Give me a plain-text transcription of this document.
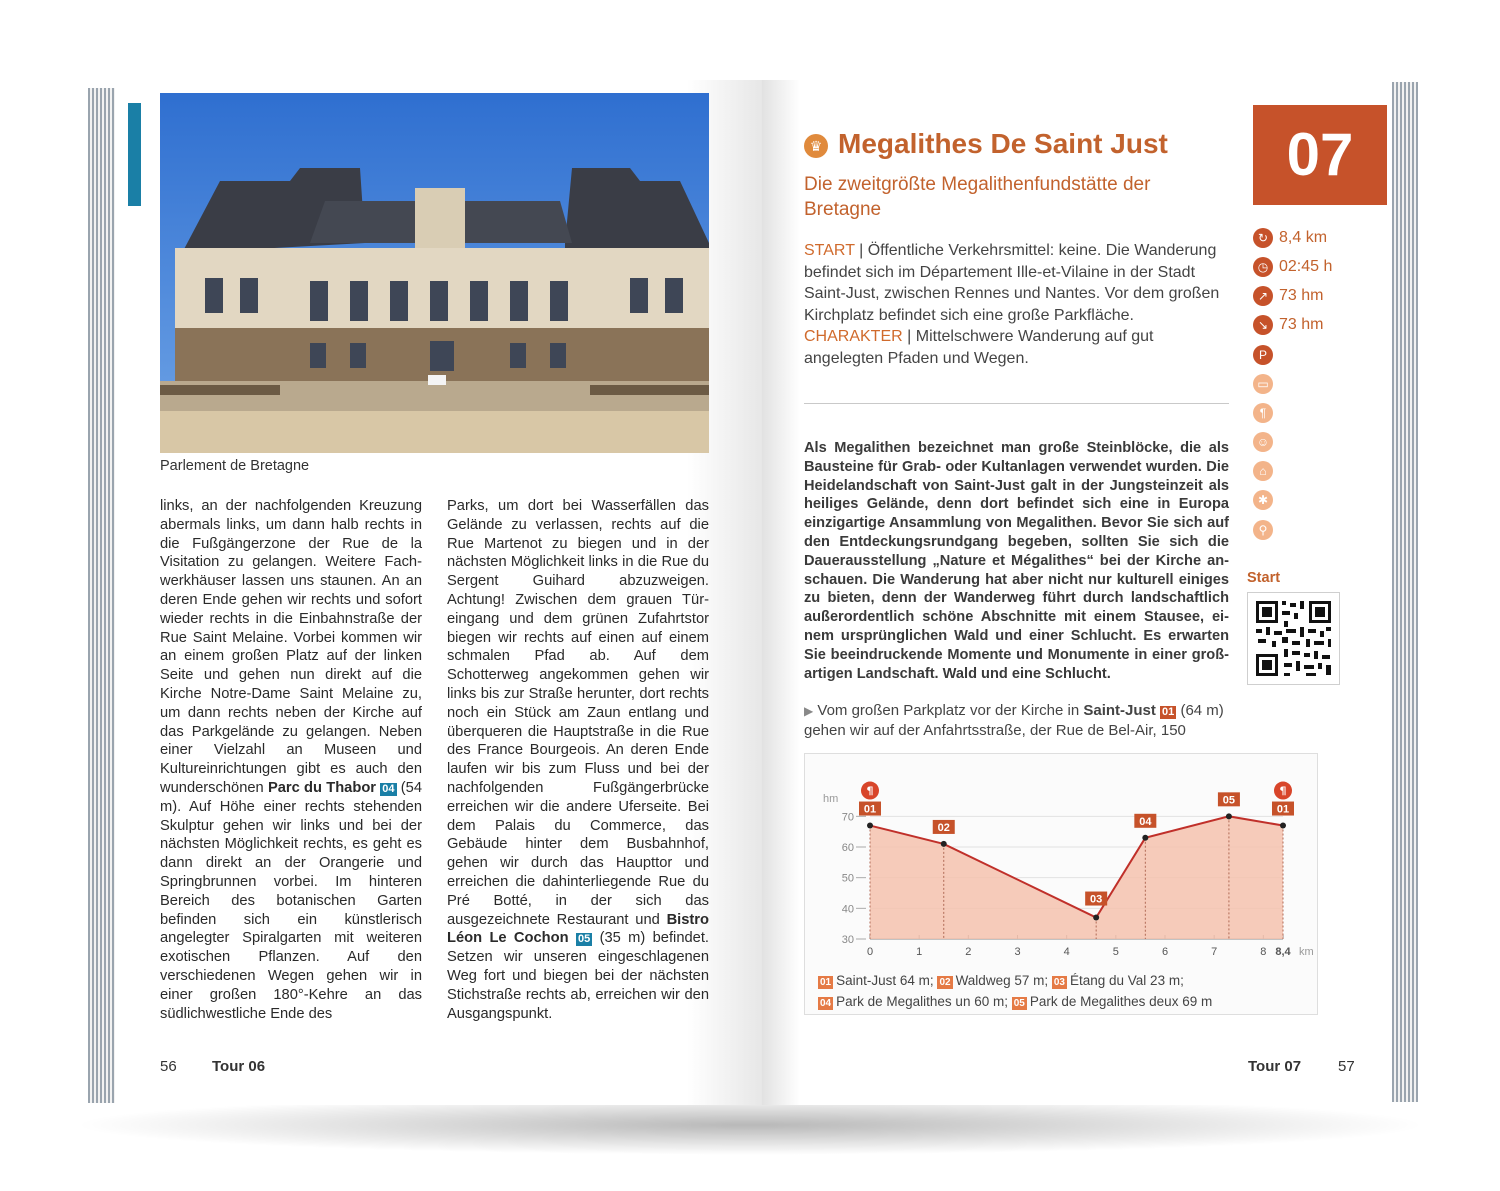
Parlement de Bretagne

links, an der nachfolgenden Kreuzung abermals links, um dann halb rechts in die Fußgängerzone der Rue de la Visitation zu gelangen. Weitere Fachwerkhäuser lassen uns staunen. An an deren Ende gehen wir rechts und sofort wieder rechts in die Einbahnstraße der Rue Saint Melaine. Vorbei kommen wir an einem großen Platz auf der linken Seite und gehen nun direkt auf die Kirche Notre-Dame Saint Melaine zu, um dann rechts neben der Kirche auf das Parkgelände zu gelangen. Neben einer Vielzahl an Museen und Kultureinrichtungen gibt es auch den wunderschönen Parc du Thabor 04 (54 m). Auf Höhe einer rechts stehenden Skulptur gehen wir links und bei der nächsten Möglichkeit rechts, es geht es dann direkt an der Orangerie und Springbrunnen vorbei. Im hinteren Bereich des botanischen Garten befinden sich ein künstlerisch angelegter Spiralgarten mit weiteren exotischen Pflanzen. Auf den verschiedenen Wegen gehen wir in einer großen 180°-Kehre an das südlichwestliche Ende des

Parks, um dort bei Wasserfällen das Gelände zu verlassen, rechts auf die Rue Martenot zu biegen und in der nächsten Möglichkeit links in die Rue du Sergent Guihard abzuzweigen. Achtung! Zwischen dem grauen Türeingang und dem grünen Zufahrtstor biegen wir rechts auf einen auf einem schmalen Pfad ab. Auf dem Schotterweg angekommen gehen wir links bis zur Straße herunter, dort rechts noch ein Stück am Zaun entlang und überqueren die Hauptstraße in die Rue des France Bourgeois. An deren Ende laufen wir bis zum Fluss und bei der nachfolgenden Fußgängerbrücke erreichen wir die andere Uferseite. Bei dem Palais du Commerce, das Gebäude hinter dem Busbahnhof, gehen wir durch das Haupttor und erreichen die dahinterliegende Rue du Pré Botté, in der sich das ausgezeichnete Restaurant und Bistro Léon Le Cochon 05 (35 m) befindet. Setzen wir unseren eingeschlagenen Weg fort und biegen bei der nächsten Stichstraße rechts ab, erreichen wir den Ausgangspunkt.

56 Tour 06
♛ Megalithes De Saint Just
Die zweitgrößte Megalithenfundstätte der Bretagne
07
START | Öffentliche Verkehrsmittel: keine. Die Wanderung befindet sich im Département Ille-et-Vilaine in der Stadt Saint-Just, zwischen Rennes und Nantes. Vor dem großen Kirchplatz befindet sich eine große Parkfläche.
CHARAKTER | Mittelschwere Wanderung auf gut angelegten Pfaden und Wegen.
Als Megalithen bezeichnet man große Steinblöcke, die als Bausteine für Grab- oder Kultanlagen verwendet wurden. Die Heidelandschaft von Saint-Just galt in der Jungsteinzeit als heiliges Gelände, denn dort befindet sich eine in Europa einzigartige Ansammlung von Megalithen. Bevor Sie sich auf den Entdeckungsrundgang begeben, sollten Sie sich die Dauerausstellung „Nature et Mégalithes“ bei der Kirche anschauen. Die Wanderung hat aber nicht nur kulturell einiges zu bieten, denn der Wanderweg führt durch landschaftlich außerordentlich schöne Abschnitte mit einem Stausee, einem ursprünglichen Wald und einer Schlucht. Es erwarten Sie beeindruckende Momente und Monumente in einer großartigen Landschaft. Wald und eine Schlucht.
▶ Vom großen Parkplatz vor der Kirche in Saint-Just 01 (64 m) gehen wir auf der Anfahrtsstraße, der Rue de Bel-Air, 150
↻ 8,4 km
◷ 02:45 h
↗ 73 hm
↘ 73 hm
P
▭
¶
☺
⌂
✱
⚲
Start
30
40
50
60
70
hm
0	1	2	3	4	5	6	7	8 8,4 km
01
¶
02
03
04
05
01
¶
01 Saint-Just 64 m; 02 Waldweg 57 m; 03 Étang du Val 23 m;
04 Park de Megalithes un 60 m; 05 Park de Megalithes deux 69 m
Tour 07 57
